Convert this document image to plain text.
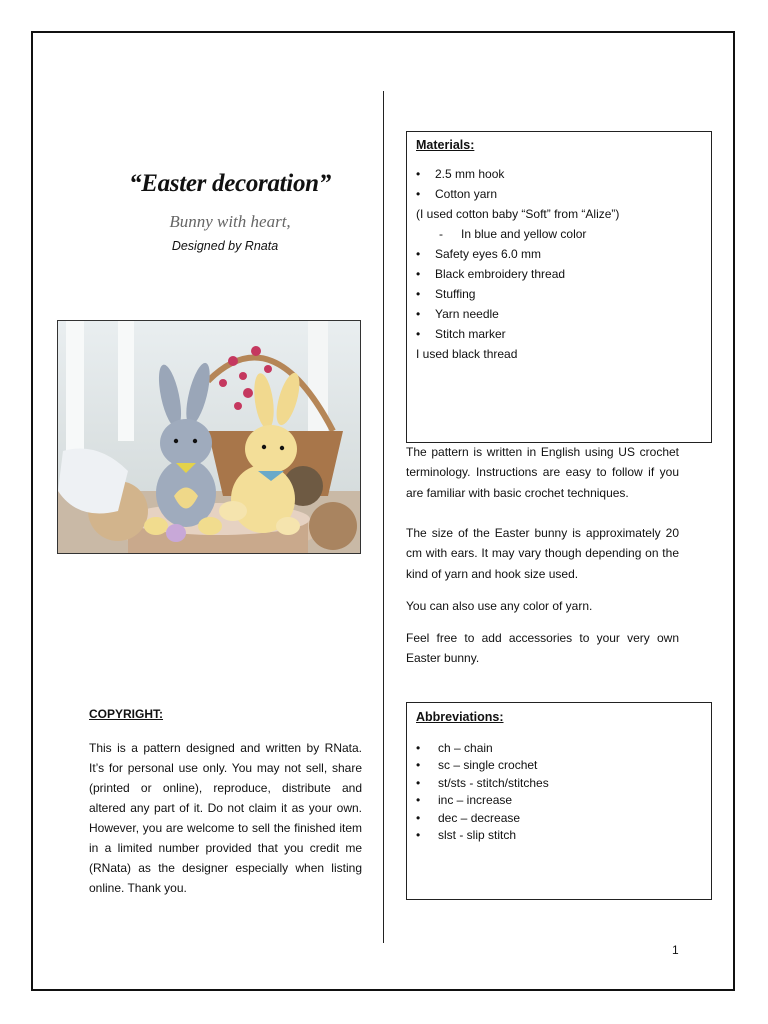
“Easter decoration”
Bunny with heart,
Designed by Rnata
COPYRIGHT:
This is a pattern designed and written by RNata. It’s for personal use only. You may not sell, share (printed or online), reproduce, distribute and altered any part of it. Do not claim it as your own. However, you are welcome to sell the finished item in a limited number provided that you credit me (RNata) as the designer especially when listing online. Thank you.
Materials:
• 2.5 mm hook
• Cotton yarn
(I used cotton baby “Soft” from “Alize”)
- In blue and yellow color
• Safety eyes 6.0 mm
• Black embroidery thread
• Stuffing
• Yarn needle
• Stitch marker
I used black thread

The pattern is written in English using US crochet terminology. Instructions are easy to follow if you are familiar with basic crochet techniques.

The size of the Easter bunny is approximately 20 cm with ears. It may vary though depending on the kind of yarn and hook size used.

You can also use any color of yarn.

Feel free to add accessories to your very own Easter bunny.

Abbreviations:
• ch – chain
• sc – single crochet
• st/sts - stitch/stitches
• inc – increase
• dec – decrease
• slst - slip stitch
1
